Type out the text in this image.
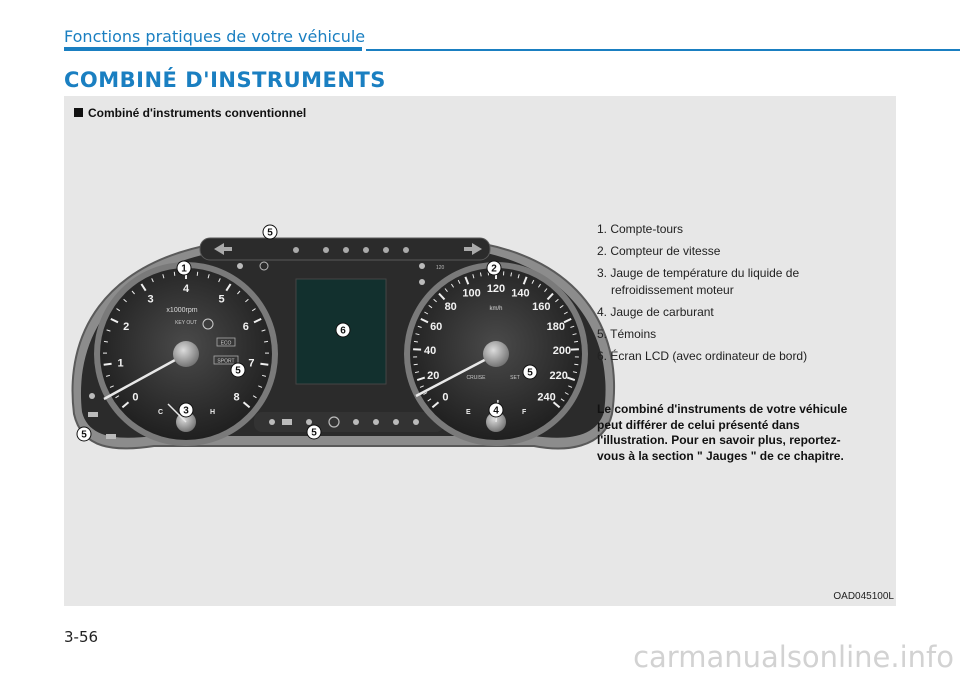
Fonctions pratiques de votre véhicule
COMBINÉ D'INSTRUMENTS
Combiné d'instruments conventionnel
0
1
2
3
4
5
6
7
8
x1000rpm
KEY OUT
ECO
SPORT
C	H
0
20
40
60
80
100 120 140
160
180
200
220
240
km/h
CRUISE	SET
E	F
120
1	2
3	4
5
5	5
5	5
6
1. Compte-tours
2. Compteur de vitesse
3. Jauge de température du liquide de
refroidissement moteur
4. Jauge de carburant
5. Témoins
6. Écran LCD (avec ordinateur de bord)
Le combiné d'instruments de votre véhicule peut différer de celui présenté dans l'illustration. Pour en savoir plus, reportez-vous à la section " Jauges " de ce chapitre.
OAD045100L
3-56
carmanualsonline.info
